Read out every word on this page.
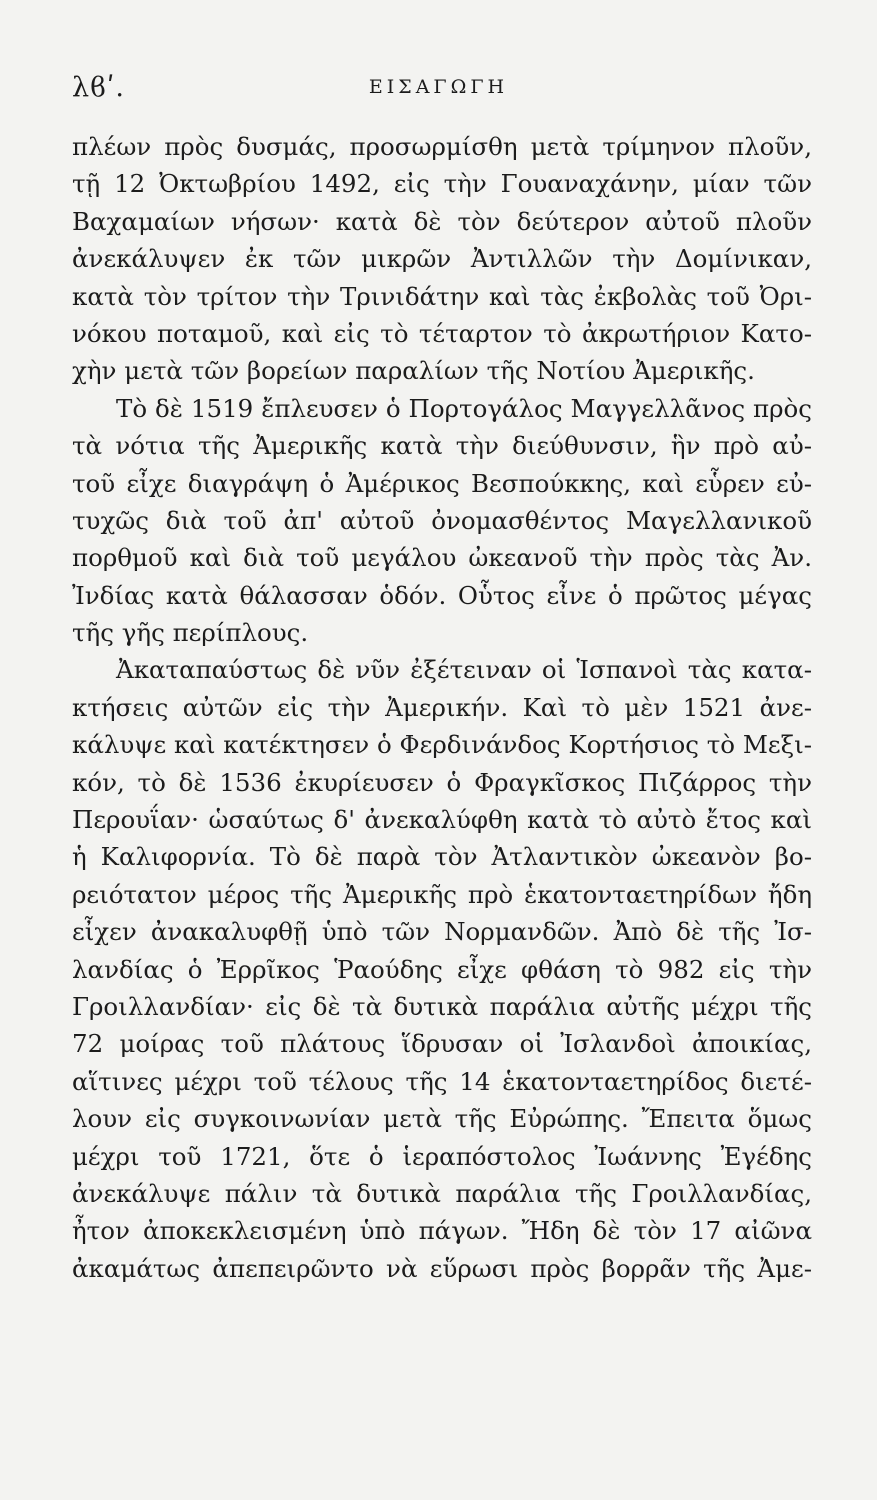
λϐʹ.	ΕΙΣΑΓΩΓΗ
πλέων πρὸς δυσμάς, προσωρμίσθη μετὰ τρίμηνον πλοῦν,
τῇ 12 Ὀκτωβρίου 1492, εἰς τὴν Γουαναχάνην, μίαν τῶν
Βαχαμαίων νήσων· κατὰ δὲ τὸν δεύτερον αὐτοῦ πλοῦν
ἀνεκάλυψεν ἐκ τῶν μικρῶν Ἀντιλλῶν τὴν Δομίνικαν,
κατὰ τὸν τρίτον τὴν Τρινιδάτην καὶ τὰς ἐκβολὰς τοῦ Ὀρι-
νόκου ποταμοῦ, καὶ εἰς τὸ τέταρτον τὸ ἀκρωτήριον Κατο-
χὴν μετὰ τῶν βορείων παραλίων τῆς Νοτίου Ἀμερικῆς.
Τὸ δὲ 1519 ἔπλευσεν ὁ Πορτογάλος Μαγγελλᾶνος πρὸς
τὰ νότια τῆς Ἀμερικῆς κατὰ τὴν διεύθυνσιν, ἣν πρὸ αὐ-
τοῦ εἶχε διαγράψη ὁ Ἀμέρικος Βεσπούκκης, καὶ εὗρεν εὐ-
τυχῶς διὰ τοῦ ἀπ' αὐτοῦ ὀνομασθέντος Μαγελλανικοῦ
πορθμοῦ καὶ διὰ τοῦ μεγάλου ὠκεανοῦ τὴν πρὸς τὰς Ἀν.
Ἰνδίας κατὰ θάλασσαν ὁδόν. Οὗτος εἶνε ὁ πρῶτος μέγας
τῆς γῆς περίπλους.
Ἀκαταπαύστως δὲ νῦν ἐξέτειναν οἱ Ἱσπανοὶ τὰς κατα-
κτήσεις αὐτῶν εἰς τὴν Ἀμερικήν. Καὶ τὸ μὲν 1521 ἀνε-
κάλυψε καὶ κατέκτησεν ὁ Φερδινάνδος Κορτήσιος τὸ Μεξι-
κόν, τὸ δὲ 1536 ἐκυρίευσεν ὁ Φραγκῖσκος Πιζάρρος τὴν
Περουΐαν· ὡσαύτως δ' ἀνεκαλύφθη κατὰ τὸ αὐτὸ ἔτος καὶ
ἡ Καλιφορνία. Τὸ δὲ παρὰ τὸν Ἀτλαντικὸν ὠκεανὸν βο-
ρειότατον μέρος τῆς Ἀμερικῆς πρὸ ἑκατονταετηρίδων ἤδη
εἶχεν ἀνακαλυφθῇ ὑπὸ τῶν Νορμανδῶν. Ἀπὸ δὲ τῆς Ἰσ-
λανδίας ὁ Ἐρρῖκος Ῥαούδης εἶχε φθάση τὸ 982 εἰς τὴν
Γροιλλανδίαν· εἰς δὲ τὰ δυτικὰ παράλια αὐτῆς μέχρι τῆς
72 μοίρας τοῦ πλάτους ἵδρυσαν οἱ Ἰσλανδοὶ ἀποικίας,
αἵτινες μέχρι τοῦ τέλους τῆς 14 ἑκατονταετηρίδος διετέ-
λουν εἰς συγκοινωνίαν μετὰ τῆς Εὐρώπης. Ἔπειτα ὅμως
μέχρι τοῦ 1721, ὅτε ὁ ἱεραπόστολος Ἰωάννης Ἐγέδης
ἀνεκάλυψε πάλιν τὰ δυτικὰ παράλια τῆς Γροιλλανδίας,
ἦτον ἀποκεκλεισμένη ὑπὸ πάγων. Ἤδη δὲ τὸν 17 αἰῶνα
ἀκαμάτως ἀπεπειρῶντο νὰ εὕρωσι πρὸς βορρᾶν τῆς Ἀμε-
